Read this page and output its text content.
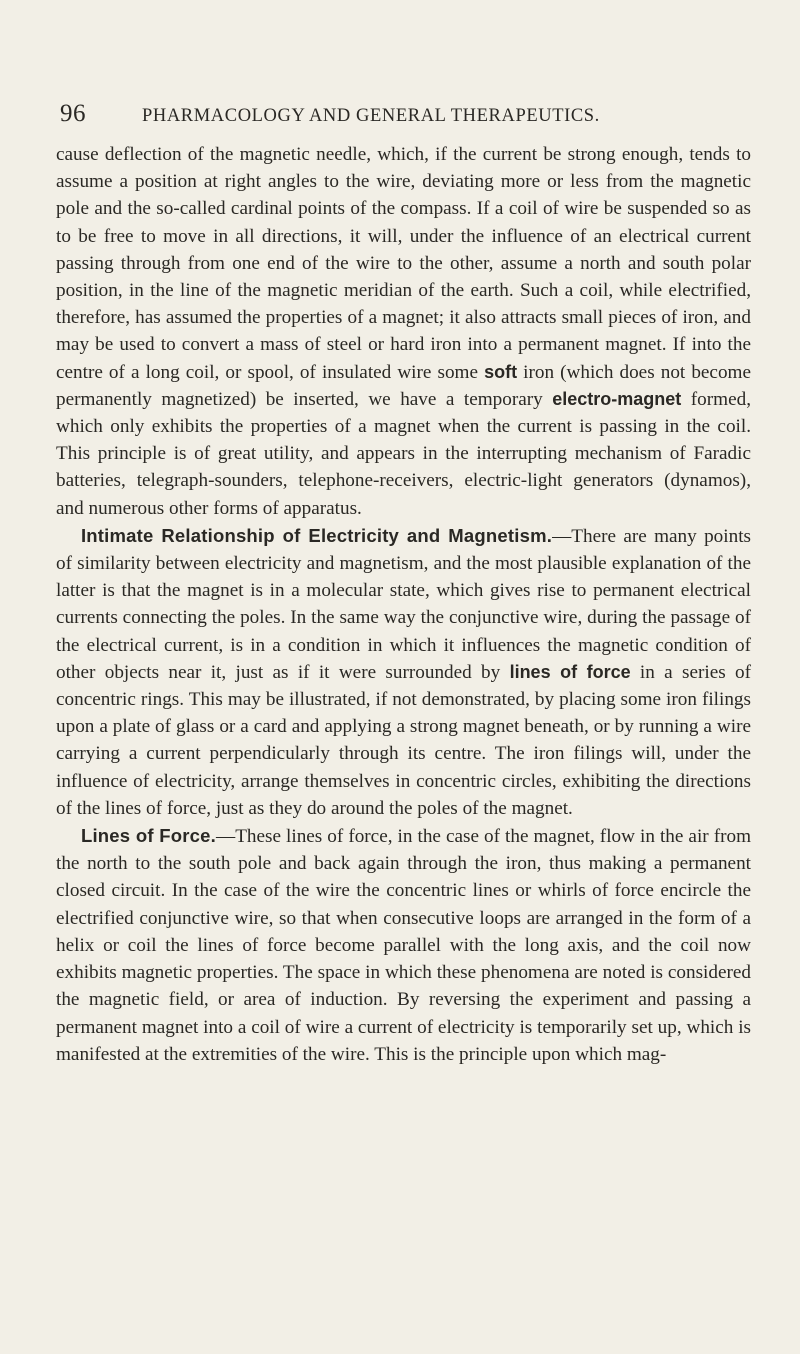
96	PHARMACOLOGY AND GENERAL THERAPEUTICS.

cause deflection of the magnetic needle, which, if the current be strong enough, tends to assume a position at right angles to the wire, deviating more or less from the magnetic pole and the so-called cardinal points of the compass. If a coil of wire be suspended so as to be free to move in all directions, it will, under the influence of an electrical current passing through from one end of the wire to the other, assume a north and south polar position, in the line of the magnetic meridian of the earth. Such a coil, while electrified, therefore, has assumed the properties of a magnet; it also attracts small pieces of iron, and may be used to convert a mass of steel or hard iron into a permanent magnet. If into the centre of a long coil, or spool, of insulated wire some soft iron (which does not become permanently magnetized) be inserted, we have a temporary electro-magnet formed, which only exhibits the properties of a magnet when the current is passing in the coil. This principle is of great utility, and appears in the interrupting mechanism of Faradic batteries, telegraph-sounders, telephone-receivers, electric-light generators (dynamos), and numerous other forms of apparatus.

Intimate Relationship of Electricity and Magnetism.—There are many points of similarity between electricity and magnetism, and the most plausible explanation of the latter is that the magnet is in a molecular state, which gives rise to permanent electrical currents connecting the poles. In the same way the conjunctive wire, during the passage of the electrical current, is in a condition in which it influences the magnetic condition of other objects near it, just as if it were surrounded by lines of force in a series of concentric rings. This may be illustrated, if not demonstrated, by placing some iron filings upon a plate of glass or a card and applying a strong magnet beneath, or by running a wire carrying a current perpendicularly through its centre. The iron filings will, under the influence of electricity, arrange themselves in concentric circles, exhibiting the directions of the lines of force, just as they do around the poles of the magnet.

Lines of Force.—These lines of force, in the case of the magnet, flow in the air from the north to the south pole and back again through the iron, thus making a permanent closed circuit. In the case of the wire the concentric lines or whirls of force encircle the electrified conjunctive wire, so that when consecutive loops are arranged in the form of a helix or coil the lines of force become parallel with the long axis, and the coil now exhibits magnetic properties. The space in which these phenomena are noted is considered the magnetic field, or area of induction. By reversing the experiment and passing a permanent magnet into a coil of wire a current of electricity is temporarily set up, which is manifested at the extremities of the wire. This is the principle upon which mag-
